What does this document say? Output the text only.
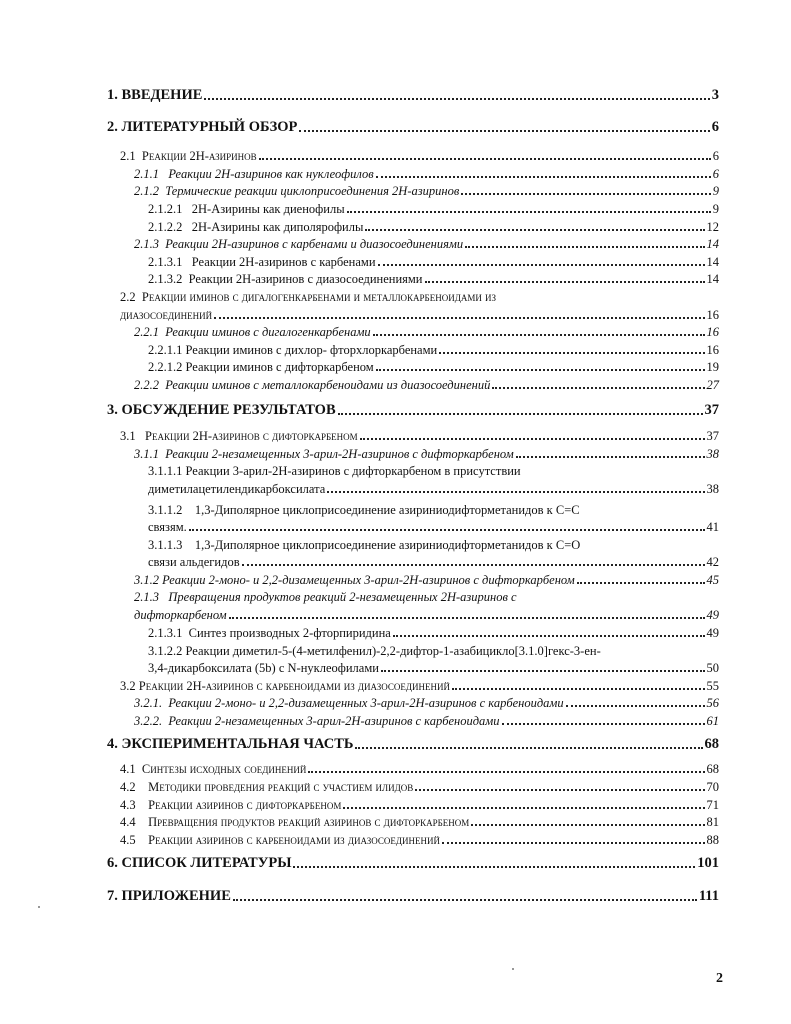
1. ВВЕДЕНИЕ	3
2. ЛИТЕРАТУРНЫЙ ОБЗОР	6
2.1 Реакции 2H-азиринов	6
2.1.1 Реакции 2H-азиринов как нуклеофилов	6
2.1.2 Термические реакции циклоприсоединения 2H-азиринов	9
2.1.2.1 2H-Азирины как диенофилы	9
2.1.2.2 2H-Азирины как диполярофилы	12
2.1.3 Реакции 2H-азиринов с карбенами и диазосоединениями	14
2.1.3.1 Реакции 2H-азиринов с карбенами	14
2.1.3.2 Реакции 2H-азиринов с диазосоединениями	14
2.2 Реакции иминов с дигалогенкарбенами и металлокарбеноидами из
диазосоединений	16
2.2.1 Реакции иминов с дигалогенкарбенами	16
2.2.1.1 Реакции иминов с дихлор- фторхлоркарбенами	16
2.2.1.2 Реакции иминов с дифторкарбеном	19
2.2.2 Реакции иминов с металлокарбеноидами из диазосоединений	27
3. ОБСУЖДЕНИЕ РЕЗУЛЬТАТОВ	37
3.1 Реакции 2H-азиринов с дифторкарбеном	37
3.1.1 Реакции 2-незамещенных 3-арил-2H-азиринов с дифторкарбеном	38
3.1.1.1 Реакции 3-арил-2H-азиринов с дифторкарбеном в присутствии
диметилацетилендикарбоксилата	38
3.1.1.2 1,3-Диполярное циклоприсоединение азириниодифторметанидов к C=C
связям.	41
3.1.1.3 1,3-Диполярное циклоприсоединение азириниодифторметанидов к C=O
связи альдегидов	42
3.1.2 Реакции 2-моно- и 2,2-дизамещенных 3-арил-2H-азиринов с дифторкарбеном	45
2.1.3 Превращения продуктов реакций 2-незамещенных 2H-азиринов с
дифторкарбеном	49
2.1.3.1 Синтез производных 2-фторпиридина	49
3.1.2.2 Реакции диметил-5-(4-метилфенил)-2,2-дифтор-1-азабицикло[3.1.0]гекс-3-ен-
3,4-дикарбоксилата (5b) с N-нуклеофилами	50
3.2 Реакции 2H-азиринов с карбеноидами из диазосоединений	55
3.2.1. Реакции 2-моно- и 2,2-дизамещенных 3-арил-2H-азиринов с карбеноидами	56
3.2.2. Реакции 2-незамещенных 3-арил-2H-азиринов с карбеноидами	61
4. ЭКСПЕРИМЕНТАЛЬНАЯ ЧАСТЬ	68
4.1 Синтезы исходных соединений	68
4.2 Методики проведения реакций с участием илидов	70
4.3 Реакции азиринов с дифторкарбеном	71
4.4 Превращения продуктов реакций азиринов с дифторкарбеном	81
4.5 Реакции азиринов с карбеноидами из диазосоединений	88
6. СПИСОК ЛИТЕРАТУРЫ	101
7. ПРИЛОЖЕНИЕ	111
2
